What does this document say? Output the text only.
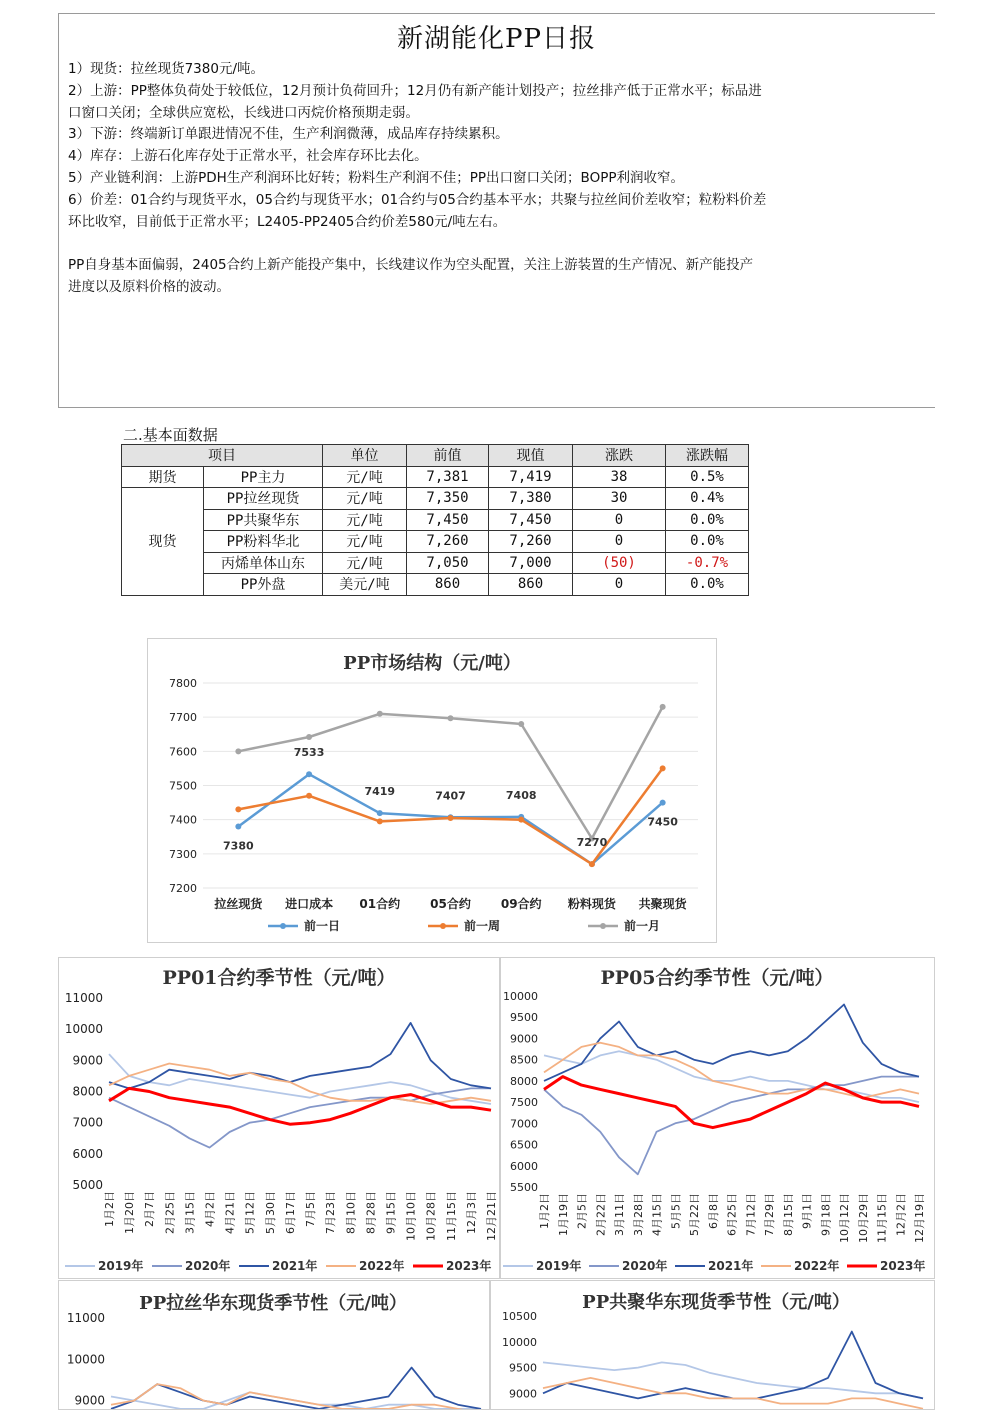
新湖能化PP日报

1）现货：拉丝现货7380元/吨。

2）上游：PP整体负荷处于较低位，12月预计负荷回升；12月仍有新产能计划投产；拉丝排产低于正常水平；标品进

口窗口关闭；全球供应宽松，长线进口丙烷价格预期走弱。

3）下游：终端新订单跟进情况不佳，生产利润微薄，成品库存持续累积。

4）库存：上游石化库存处于正常水平，社会库存环比去化。

5）产业链利润：上游PDH生产利润环比好转；粉料生产利润不佳；PP出口窗口关闭；BOPP利润收窄。

6）价差：01合约与现货平水，05合约与现货平水；01合约与05合约基本平水；共聚与拉丝间价差收窄；粒粉料价差

环比收窄，目前低于正常水平；L2405-PP2405合约价差580元/吨左右。

PP自身基本面偏弱，2405合约上新产能投产集中，长线建议作为空头配置，关注上游装置的生产情况、新产能投产

进度以及原料价格的波动。

二.基本面数据
项目		单位	前值	现值	涨跌	涨跌幅
期货	PP主力	元/吨	7,381	7,419	38	0.5%
现货	PP拉丝现货	元/吨	7,350	7,380	30	0.4%
	PP共聚华东	元/吨	7,450	7,450	0	0.0%
	PP粉料华北	元/吨	7,260	7,260	0	0.0%
	丙烯单体山东	元/吨	7,050	7,000	(50)	-0.7%
	PP外盘	美元/吨	860	860	0	0.0%
PP市场结构（元/吨）
7200
7300
7400
7500
7600
7700
7800
拉丝现货 进口成本 01合约	05合约	09合约 粉料现货 共聚现货
7380
7533
7419	7407	7408
7270
7450
前一日	前一周	前一月
PP01合约季节性（元/吨）
5000
6000
7000
8000
9000
10000
11000
1月2日 1月20日 2月7日 2月25日 3月15日 4月2日 4月21日 5月12日 5月30日 6月17日 7月5日 7月23日 8月10日 8月28日 9月15日 10月10日 10月28日 11月15日 12月3日 12月21日
2019年	2020年	2021年	2022年	2023年
PP05合约季节性（元/吨）
5500
6000
6500
7000
7500
8000
8500
9000
9500
10000
1月2日 1月19日 2月5日 2月22日 3月11日 3月28日 4月15日 5月5日 5月22日 6月8日 6月25日 7月12日 7月29日 8月15日 9月1日 9月18日 10月12日 10月29日 11月15日 12月2日 12月19日
2019年	2020年	2021年	2022年	2023年
PP拉丝华东现货季节性（元/吨）
9000
10000
11000
PP共聚华东现货季节性（元/吨）
9000
9500
10000
10500
